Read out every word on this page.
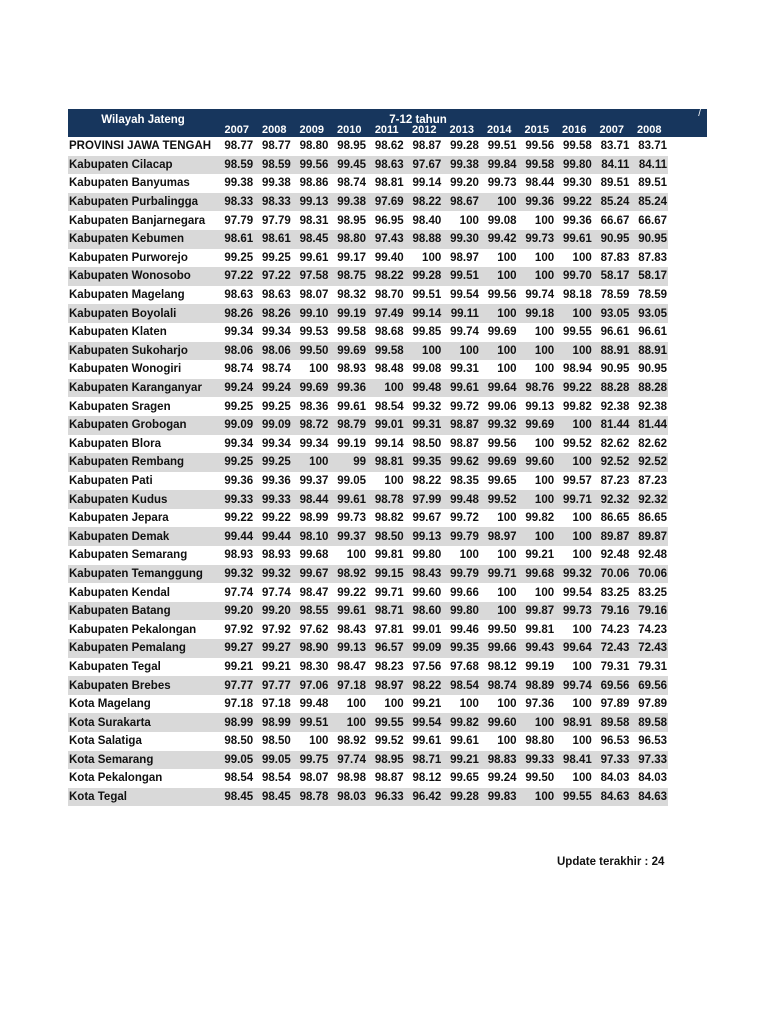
Wilayah Jateng	7-12 tahun
/
2007	2008	2009	2010	2011	2012	2013	2014	2015	2016	2007	2008
PROVINSI JAWA TENGAH	98.77	98.77	98.80	98.95	98.62	98.87	99.28	99.51	99.56	99.58	83.71	83.71
Kabupaten Cilacap	98.59	98.59	99.56	99.45	98.63	97.67	99.38	99.84	99.58	99.80	84.11	84.11
Kabupaten Banyumas	99.38	99.38	98.86	98.74	98.81	99.14	99.20	99.73	98.44	99.30	89.51	89.51
Kabupaten Purbalingga	98.33	98.33	99.13	99.38	97.69	98.22	98.67	100	99.36	99.22	85.24	85.24
Kabupaten Banjarnegara	97.79	97.79	98.31	98.95	96.95	98.40	100	99.08	100	99.36	66.67	66.67
Kabupaten Kebumen	98.61	98.61	98.45	98.80	97.43	98.88	99.30	99.42	99.73	99.61	90.95	90.95
Kabupaten Purworejo	99.25	99.25	99.61	99.17	99.40	100	98.97	100	100	100	87.83	87.83
Kabupaten Wonosobo	97.22	97.22	97.58	98.75	98.22	99.28	99.51	100	100	99.70	58.17	58.17
Kabupaten Magelang	98.63	98.63	98.07	98.32	98.70	99.51	99.54	99.56	99.74	98.18	78.59	78.59
Kabupaten Boyolali	98.26	98.26	99.10	99.19	97.49	99.14	99.11	100	99.18	100	93.05	93.05
Kabupaten Klaten	99.34	99.34	99.53	99.58	98.68	99.85	99.74	99.69	100	99.55	96.61	96.61
Kabupaten Sukoharjo	98.06	98.06	99.50	99.69	99.58	100	100	100	100	100	88.91	88.91
Kabupaten Wonogiri	98.74	98.74	100	98.93	98.48	99.08	99.31	100	100	98.94	90.95	90.95
Kabupaten Karanganyar	99.24	99.24	99.69	99.36	100	99.48	99.61	99.64	98.76	99.22	88.28	88.28
Kabupaten Sragen	99.25	99.25	98.36	99.61	98.54	99.32	99.72	99.06	99.13	99.82	92.38	92.38
Kabupaten Grobogan	99.09	99.09	98.72	98.79	99.01	99.31	98.87	99.32	99.69	100	81.44	81.44
Kabupaten Blora	99.34	99.34	99.34	99.19	99.14	98.50	98.87	99.56	100	99.52	82.62	82.62
Kabupaten Rembang	99.25	99.25	100	99	98.81	99.35	99.62	99.69	99.60	100	92.52	92.52
Kabupaten Pati	99.36	99.36	99.37	99.05	100	98.22	98.35	99.65	100	99.57	87.23	87.23
Kabupaten Kudus	99.33	99.33	98.44	99.61	98.78	97.99	99.48	99.52	100	99.71	92.32	92.32
Kabupaten Jepara	99.22	99.22	98.99	99.73	98.82	99.67	99.72	100	99.82	100	86.65	86.65
Kabupaten Demak	99.44	99.44	98.10	99.37	98.50	99.13	99.79	98.97	100	100	89.87	89.87
Kabupaten Semarang	98.93	98.93	99.68	100	99.81	99.80	100	100	99.21	100	92.48	92.48
Kabupaten Temanggung	99.32	99.32	99.67	98.92	99.15	98.43	99.79	99.71	99.68	99.32	70.06	70.06
Kabupaten Kendal	97.74	97.74	98.47	99.22	99.71	99.60	99.66	100	100	99.54	83.25	83.25
Kabupaten Batang	99.20	99.20	98.55	99.61	98.71	98.60	99.80	100	99.87	99.73	79.16	79.16
Kabupaten Pekalongan	97.92	97.92	97.62	98.43	97.81	99.01	99.46	99.50	99.81	100	74.23	74.23
Kabupaten Pemalang	99.27	99.27	98.90	99.13	96.57	99.09	99.35	99.66	99.43	99.64	72.43	72.43
Kabupaten Tegal	99.21	99.21	98.30	98.47	98.23	97.56	97.68	98.12	99.19	100	79.31	79.31
Kabupaten Brebes	97.77	97.77	97.06	97.18	98.97	98.22	98.54	98.74	98.89	99.74	69.56	69.56
Kota Magelang	97.18	97.18	99.48	100	100	99.21	100	100	97.36	100	97.89	97.89
Kota Surakarta	98.99	98.99	99.51	100	99.55	99.54	99.82	99.60	100	98.91	89.58	89.58
Kota Salatiga	98.50	98.50	100	98.92	99.52	99.61	99.61	100	98.80	100	96.53	96.53
Kota Semarang	99.05	99.05	99.75	97.74	98.95	98.71	99.21	98.83	99.33	98.41	97.33	97.33
Kota Pekalongan	98.54	98.54	98.07	98.98	98.87	98.12	99.65	99.24	99.50	100	84.03	84.03
Kota Tegal	98.45	98.45	98.78	98.03	96.33	96.42	99.28	99.83	100	99.55	84.63	84.63
Update terakhir : 24
